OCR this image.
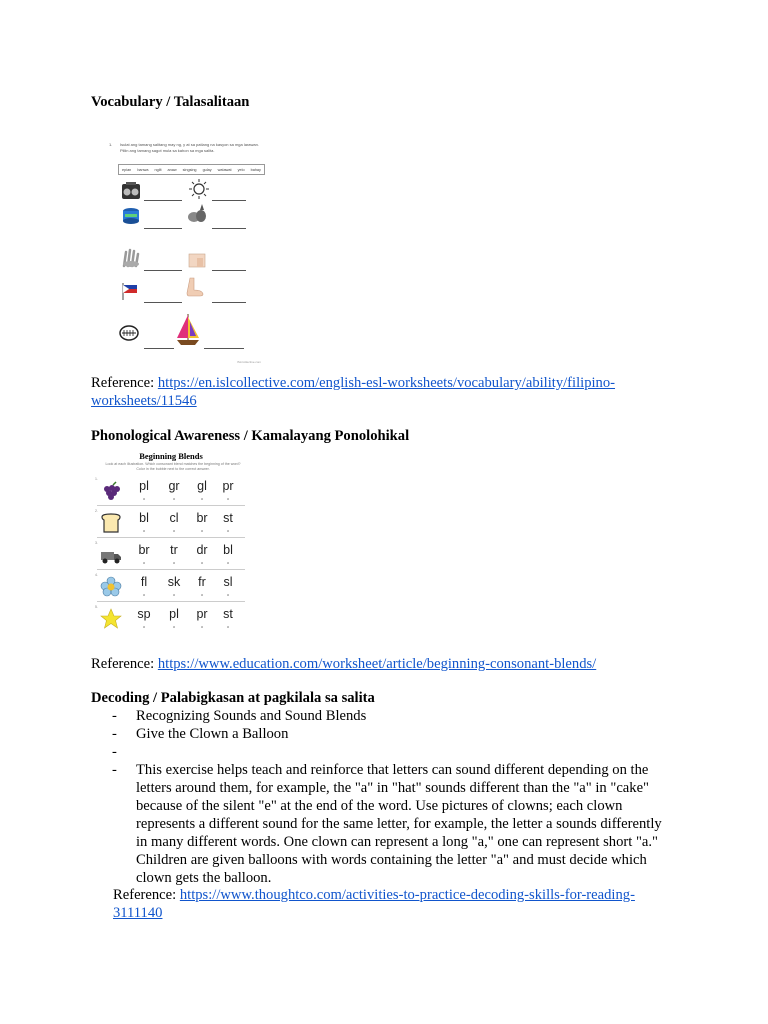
Vocabulary / Talasalitaan
1. Isulat ang tamang salitang may ng, y at sa patlang na kasyon sa mga larawan. Piliin ang tamang sagot mula sa kahon sa mga salita.
epian banwa ngilt anaw singsing gulay watawat yelo bahay
ISLCollective.com
Reference: https://en.islcollective.com/english-esl-worksheets/vocabulary/ability/filipino-
worksheets/11546
Phonological Awareness / Kamalayang Ponolohikal
Beginning Blends
Look at each illustration. Which consonant blend matches the beginning of the word? Color in the bubble next to the correct answer.
1.	pl
o
gr
o
gl
o
pr
o
2.	bl
o
cl
o
br
o
st
o
3.	br
o
tr
o
dr
o
bl
o
4.	fl
o
sk
o
fr
o
sl
o
5.	sp
o
pl
o
pr
o
st
o
Reference: https://www.education.com/worksheet/article/beginning-consonant-blends/
Decoding / Palabigkasan at pagkilala sa salita
- Recognizing Sounds and Sound Blends
- Give the Clown a Balloon
-

- This exercise helps teach and reinforce that letters can sound different depending on the letters around them, for example, the "a" in "hat" sounds different than the "a" in "cake" because of the silent "e" at the end of the word. Use pictures of clowns; each clown represents a different sound for the same letter, for example, the letter a sounds differently in many different words. One clown can represent a long "a," one can represent short "a." Children are given balloons with words containing the letter "a" and must decide which clown gets the balloon.
Reference: https://www.thoughtco.com/activities-to-practice-decoding-skills-for-reading-
3111140
